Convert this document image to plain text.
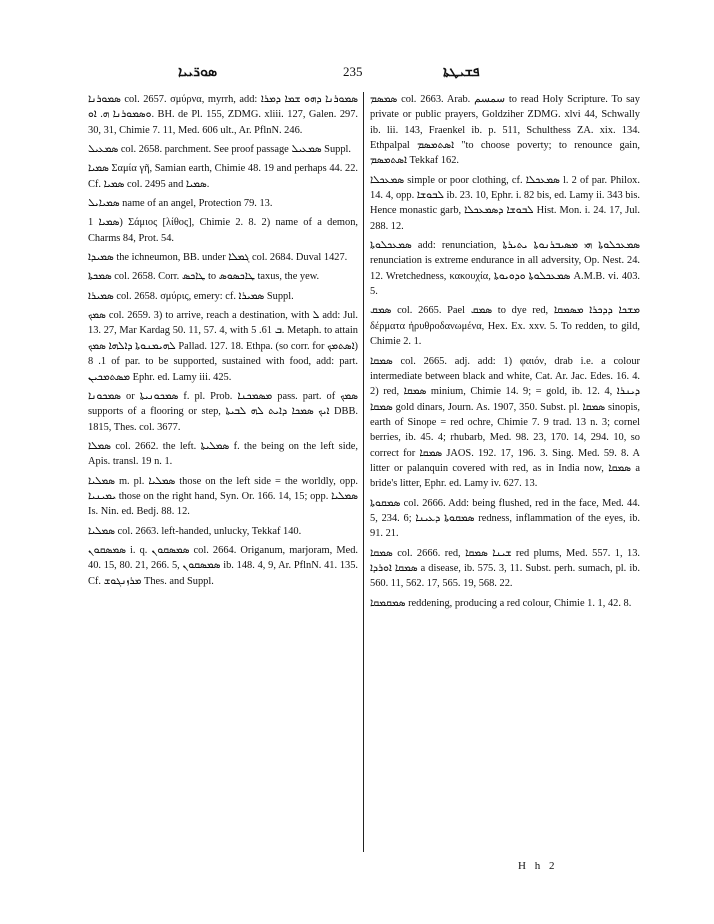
ܣܘܪ̈ܝܝܐ	235	ܦܫܝܛܬܐ

ܣܡܘܪܢܐ col. 2657. σμύρνα, myrrh, add: ܣܡܘܪܢܐ ܕܗܘ ܫܡܐ ܕܡܪܐ ܘܣܡܘܪܢܐ ܗ. ܐܘ. BH. de Pl. 155, ZDMG. xliii. 127, Galen. 297. 30, 31, Chimie 7. 11, Med. 606 ult., Ar. PflnN. 246.

ܣܡܥܝܠ col. 2658. parchment. See proof passage ܣܡܥܝܠ Suppl.

ܣܡܝܐ Σαμία γῆ, Samian earth, Chimie 48. 19 and perhaps 44. 22. Cf. ܣܡܝܐ col. 2495 and ܣܡܝܐ.

ܣܡܝܐܝܠ name of an angel, Protection 79. 13.

ܣܡܝܐ 1) Σάμιος [λίθος], Chimie 2. 8. 2) name of a demon, Charms 84, Prot. 54.

ܣܡܝܕܐ the ichneumon, BB. under ܓܡܠܐ col. 2684. Duval 1427.

ܣܡܟܬܐ col. 2658. Corr. ܛܐܟܣ to ܛܐܟܣܘܣ taxus, the yew.

ܣܡܝܪܐ col. 2658. σμύρις, emery: cf. ܣܡܝܪܐ Suppl.

ܣܡܟ col. 2659. 3) to arrive, reach a destination, with ܠ add: Jul. 13. 27, Mar Kardag 50. 11, 57. 4, with ܒ 61. 5. Metaph. to attain ܠܗܝܡܢܘܬܐ ܕܐܠܗܐ ܣܡܟ Pallad. 127. 18. Ethpa. (so corr. for ܐܣܬܡܟ) 1. 8 of par. to be supported, sustained with food, add: part. ܡܣܬܡܟܝܢ Ephr. ed. Lamy iii. 425.

ܣܡܟܘܢܐ or ܣܡܟܘܢܝܬܐ f. pl. Prob. ܡܣܡܟܢܐ pass. part. of ܣܡܟ supports of a flooring or step, ܐܝܟ ܣܡܟܐ ܕܐܝܬ ܠܗ ܠܒܝܬܐ DBB. 1815, Thes. col. 3677.

ܣܡܠܐ col. 2662. the left. ܣܡܠܝܬܐ f. the being on the left side, Apis. transl. 19 n. 1.

ܣܡܠܝܐ m. pl. ܣܡܠܝܐ those on the left side = the worldly, opp. ܝܡܝܢܝܐ those on the right hand, Syn. Or. 166. 14, 15; opp. ܣܡܠܝܐ Is. Nin. ed. Bedj. 88. 12.

ܣܡܠܝܐ col. 2663. left-handed, unlucky, Tekkaf 140.

ܣܡܣܩܘܢ i. q. ܣܡܣܩܘܢ col. 2664. Origanum, marjoram, Med. 40. 15, 80. 21, 266. 5, ܣܡܣܩܘܢ ib. 148. 4, 9, Ar. PflnN. 41. 135. Cf. ܡܪܙܢܓܘܫ Thes. and Suppl.

ܣܡܣܡ col. 2663. Arab. سمسم to read Holy Scripture. To say private or public prayers, Goldziher ZDMG. xlvi 44, Schwally ib. lii. 143, Fraenkel ib. p. 511, Schulthess ZA. xix. 134. Ethpalpal ܐܣܬܡܣܡ "to choose poverty; to renounce gain, ܐܣܬܡܣܡ Tekkaf 162.

ܣܡܥܟܠܐ simple or poor clothing, cf. ܣܡܥܟܠܐ l. 2 of par. Philox. 14. 4, opp. ܠܒܘܫܐ ib. 23. 10, Ephr. i. 82 bis, ed. Lamy ii. 343 bis. Hence monastic garb, ܠܒܘܫܐ ܕܣܡܥܟܠܐ Hist. Mon. i. 24. 17, Jul. 288. 12.

ܣܡܥܟܠܘܬܐ add: renunciation, ܣܡܥܟܠܘܬܐ ܗܝ ܡܣܝܒܪܢܘܬܐ ܝܬܝܪܬܐ renunciation is extreme endurance in all adversity, Op. Nest. 24. 12. Wretchedness, κακουχία, ܣܡܥܟܠܘܬܐ ܘܕܘܝܘܬܐ A.M.B. vi. 403. 5.

ܣܡܩ col. 2665. Pael ܣܡܩ to dye red, ܡܫܟܐ ܕܕܟܪܐ ܡܣܡܩܐ δέρματα ἠρυθροδανωμένα, Hex. Ex. xxv. 5. To redden, to gild, Chimie 2. 1.

ܣܡܩܐ col. 2665. adj. add: 1) φαιόν, drab i.e. a colour intermediate between black and white, Cat. Ar. Jac. Edes. 16. 4. 2) red, ܣܡܩܐ minium, Chimie 14. 9; = gold, ib. 12. 4, ܕܝܢܪܐ ܣܡܩܐ gold dinars, Journ. As. 1907, 350. Subst. pl. ܣܡܩܐ sinopis, earth of Sinope = red ochre, Chimie 7. 9 trad. 13 n. 3; cornel berries, ib. 45. 4; rhubarb, Med. 98. 23, 170. 14, 294. 10, so correct for ܣܡܩܐ JAOS. 192. 17, 196. 3. Sing. Med. 59. 8. A litter or palanquin covered with red, as in India now, ܣܡܩܐ a bride's litter, Ephr. ed. Lamy iv. 627. 13.

ܣܡܩܘܬܐ col. 2666. Add: being flushed, red in the face, Med. 44. 5, 234. 6; ܣܡܩܘܬܐ ܕܥܝܢܐ redness, inflammation of the eyes, ib. 91. 21.

ܣܡܩܐ col. 2666. red, ܫܝܢܐ ܣܡܩܐ red plums, Med. 557. 1, 13. ܣܡܩܐ ܐܘܪܕܐ a disease, ib. 575. 3, 11. Subst. perh. sumach, pl. ib. 560. 11, 562. 17, 565. 19, 568. 22.

ܣܡܩܡܩܐ reddening, producing a red colour, Chimie 1. 1, 42. 8.

H h 2
